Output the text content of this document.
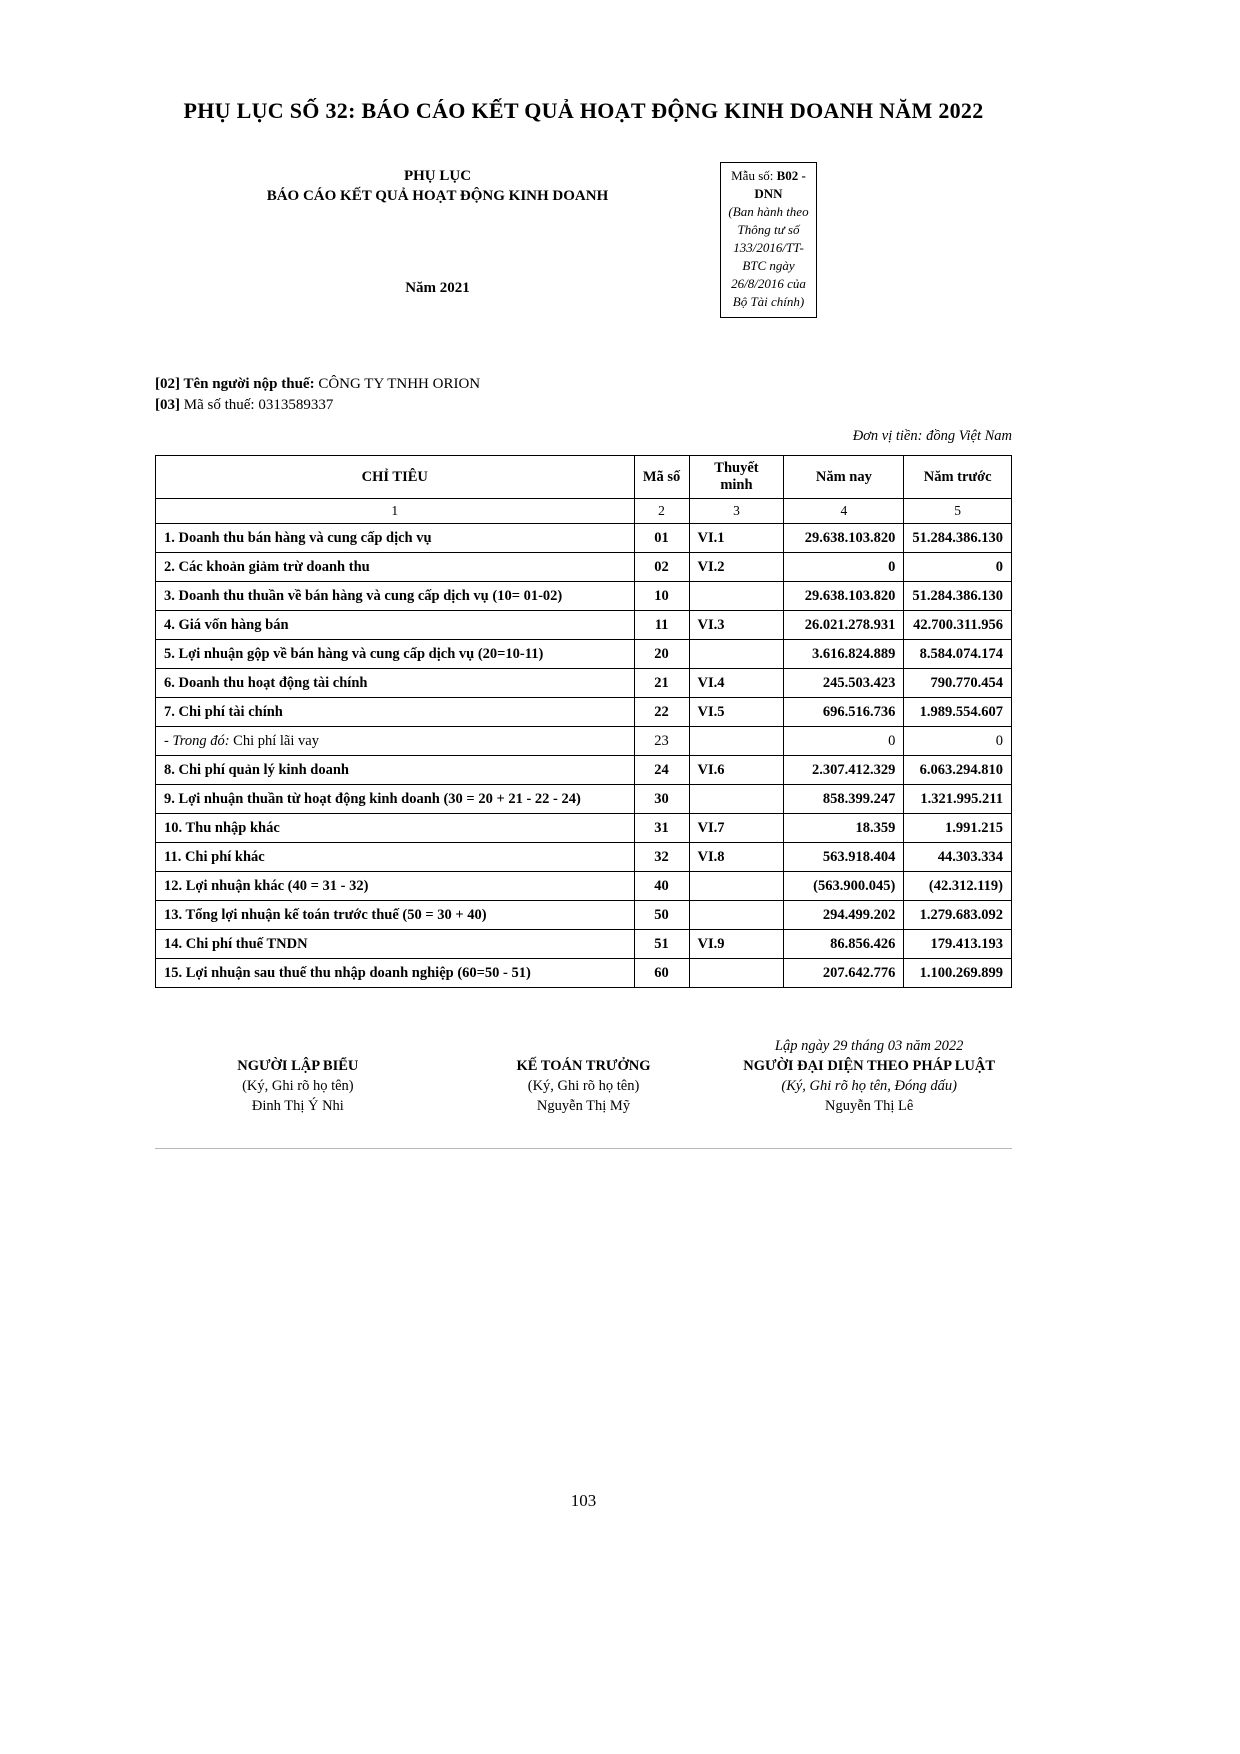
PHỤ LỤC SỐ 32: BÁO CÁO KẾT QUẢ HOẠT ĐỘNG KINH DOANH NĂM 2022
PHỤ LỤC
BÁO CÁO KẾT QUẢ HOẠT ĐỘNG KINH DOANH
Năm 2021
Mẫu số: B02 - DNN
(Ban hành theo Thông tư số 133/2016/TT-BTC ngày 26/8/2016 của Bộ Tài chính)
[02] Tên người nộp thuế: CÔNG TY TNHH ORION
[03] Mã số thuế: 0313589337
Đơn vị tiền: đồng Việt Nam
CHỈ TIÊU	Mã số	Thuyết minh	Năm nay	Năm trước
1	2	3	4	5
1. Doanh thu bán hàng và cung cấp dịch vụ	01	VI.1	29.638.103.820	51.284.386.130
2. Các khoản giảm trừ doanh thu	02	VI.2	0	0
3. Doanh thu thuần về bán hàng và cung cấp dịch vụ (10= 01-02)	10		29.638.103.820	51.284.386.130
4. Giá vốn hàng bán	11	VI.3	26.021.278.931	42.700.311.956
5. Lợi nhuận gộp về bán hàng và cung cấp dịch vụ (20=10-11)	20		3.616.824.889	8.584.074.174
6. Doanh thu hoạt động tài chính	21	VI.4	245.503.423	790.770.454
7. Chi phí tài chính	22	VI.5	696.516.736	1.989.554.607
- Trong đó: Chi phí lãi vay	23		0	0
8. Chi phí quản lý kinh doanh	24	VI.6	2.307.412.329	6.063.294.810
9. Lợi nhuận thuần từ hoạt động kinh doanh (30 = 20 + 21 - 22 - 24)	30		858.399.247	1.321.995.211
10. Thu nhập khác	31	VI.7	18.359	1.991.215
11. Chi phí khác	32	VI.8	563.918.404	44.303.334
12. Lợi nhuận khác (40 = 31 - 32)	40		(563.900.045)	(42.312.119)
13. Tổng lợi nhuận kế toán trước thuế (50 = 30 + 40)	50		294.499.202	1.279.683.092
14. Chi phí thuế TNDN	51	VI.9	86.856.426	179.413.193
15. Lợi nhuận sau thuế thu nhập doanh nghiệp (60=50 - 51)	60		207.642.776	1.100.269.899
NGƯỜI LẬP BIỂU
(Ký, Ghi rõ họ tên)
Đinh Thị Ý Nhi
KẾ TOÁN TRƯỞNG
(Ký, Ghi rõ họ tên)
Nguyễn Thị Mỹ
Lập ngày 29 tháng 03 năm 2022
NGƯỜI ĐẠI DIỆN THEO PHÁP LUẬT
(Ký, Ghi rõ họ tên, Đóng dấu)
Nguyễn Thị Lê
103
